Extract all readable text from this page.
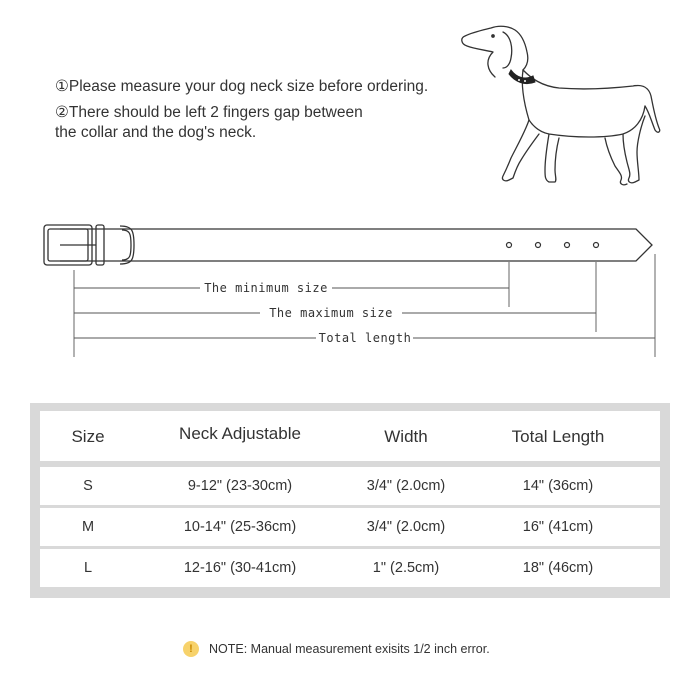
①Please measure your dog neck size before ordering.
②There should be left 2 fingers gap between
the collar and the dog's neck.
The minimum size
The maximum size
Total length
Size	Neck Adjustable	Width	Total Length
S	9-12" (23-30cm)	3/4" (2.0cm)	14" (36cm)
M	10-14" (25-36cm)	3/4" (2.0cm)	16" (41cm)
L	12-16" (30-41cm)	1" (2.5cm)	18" (46cm)
!	NOTE: Manual measurement exisits 1/2 inch error.
